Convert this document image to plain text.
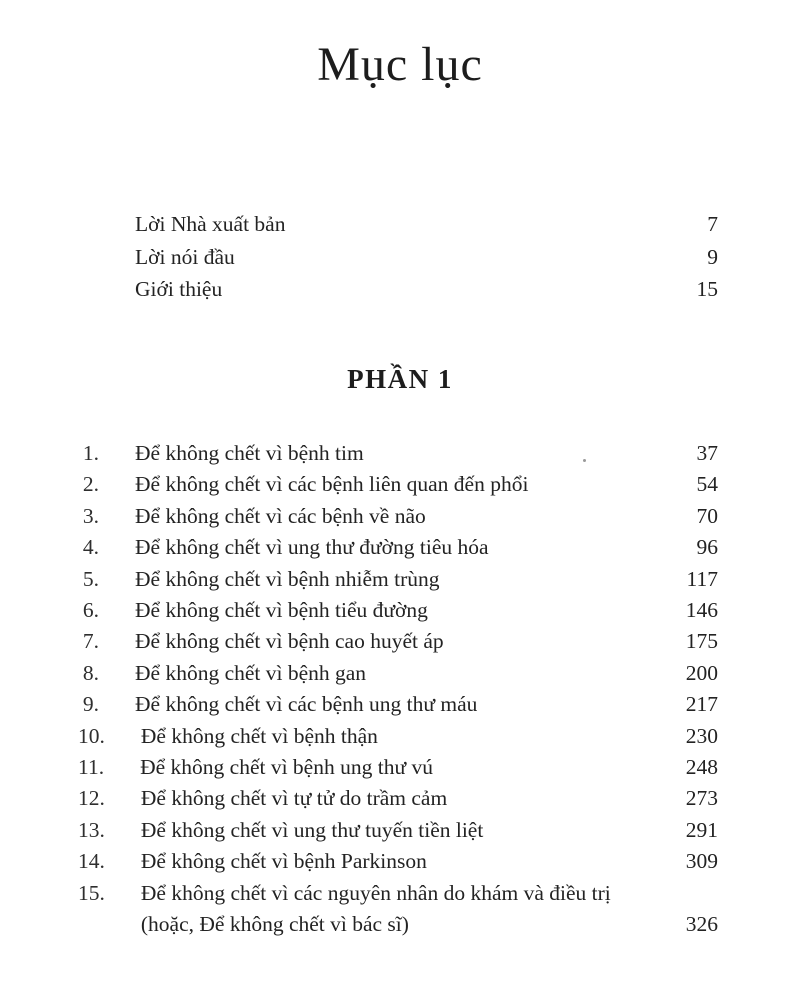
Mục lục
Lời Nhà xuất bản	7
Lời nói đầu	9
Giới thiệu	15
PHẦN 1
1. Để không chết vì bệnh tim	37
2. Để không chết vì các bệnh liên quan đến phổi	54
3. Để không chết vì các bệnh về não	70
4. Để không chết vì ung thư đường tiêu hóa	96
5. Để không chết vì bệnh nhiễm trùng	117
6. Để không chết vì bệnh tiểu đường	146
7. Để không chết vì bệnh cao huyết áp	175
8. Để không chết vì bệnh gan	200
9. Để không chết vì các bệnh ung thư máu	217
10. Để không chết vì bệnh thận	230
11. Để không chết vì bệnh ung thư vú	248
12. Để không chết vì tự tử do trầm cảm	273
13. Để không chết vì ung thư tuyến tiền liệt	291
14. Để không chết vì bệnh Parkinson	309
15. Để không chết vì các nguyên nhân do khám và điều trị
(hoặc, Để không chết vì bác sĩ)	326
